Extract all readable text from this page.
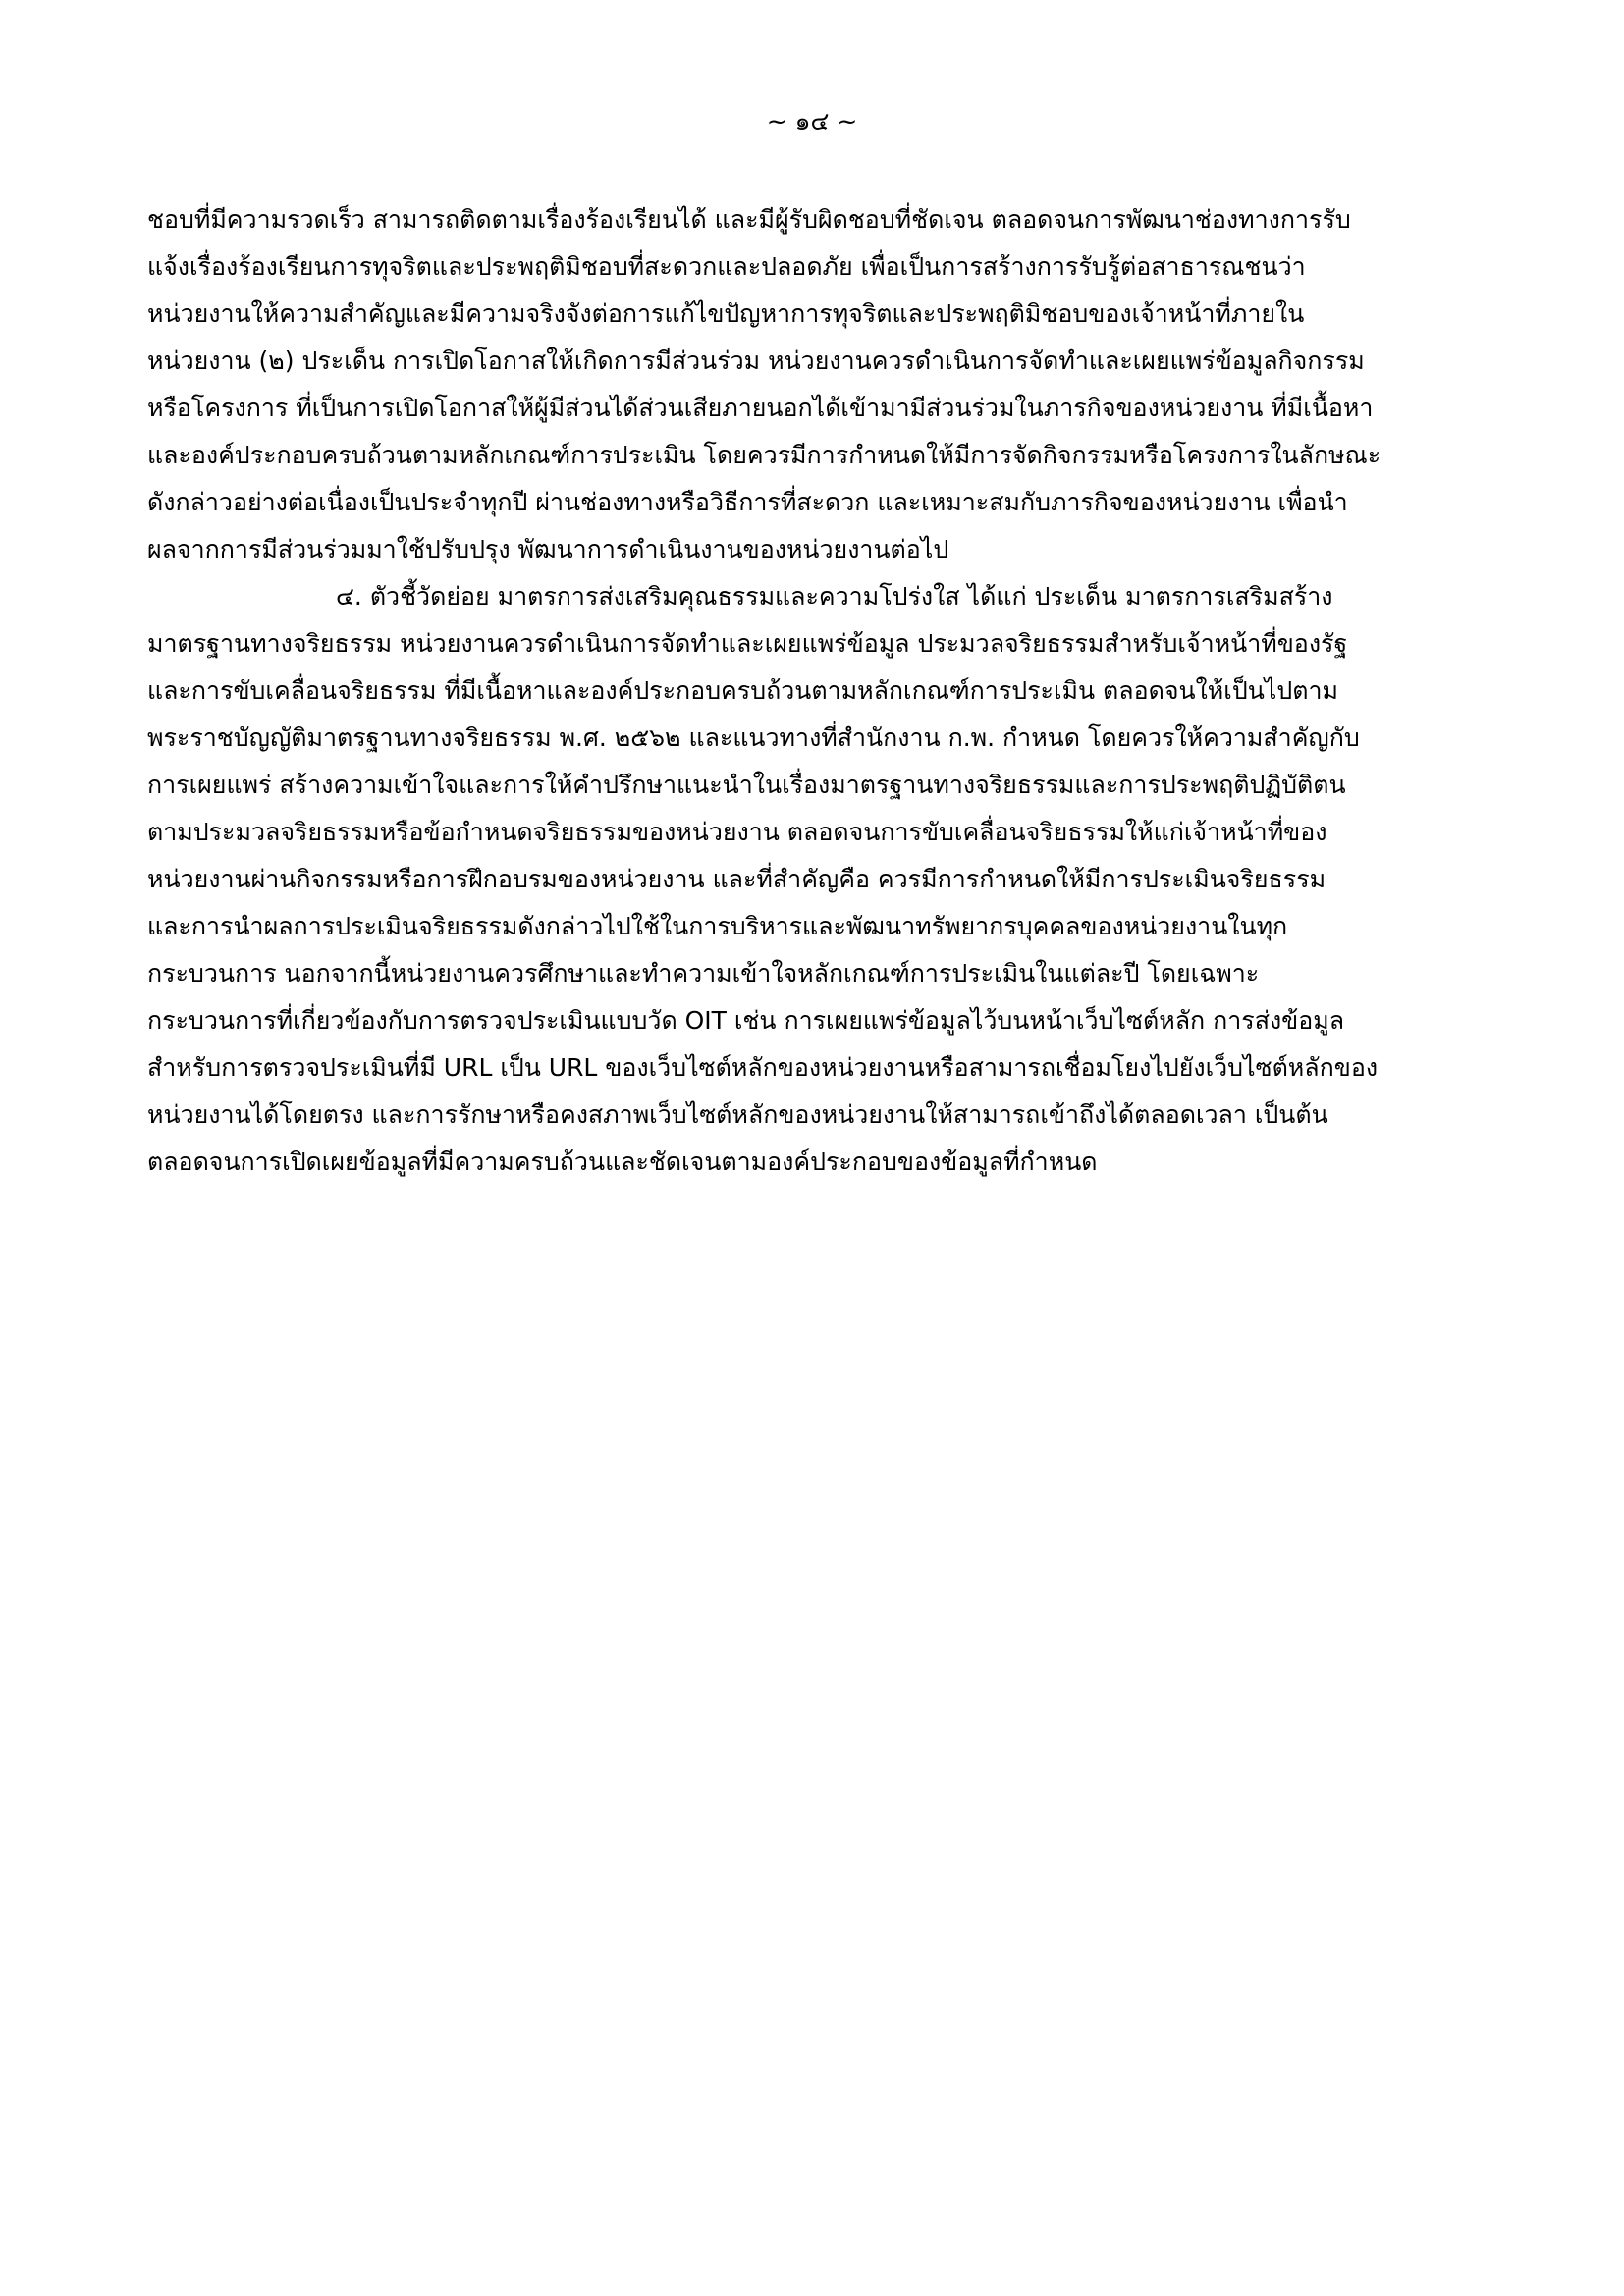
~ ๑๔ ~
ชอบที่มีความรวดเร็ว สามารถติดตามเรื่องร้องเรียนได้ และมีผู้รับผิดชอบที่ชัดเจน ตลอดจนการพัฒนาช่องทางการรับ
แจ้งเรื่องร้องเรียนการทุจริตและประพฤติมิชอบที่สะดวกและปลอดภัย เพื่อเป็นการสร้างการรับรู้ต่อสาธารณชนว่า
หน่วยงานให้ความสำคัญและมีความจริงจังต่อการแก้ไขปัญหาการทุจริตและประพฤติมิชอบของเจ้าหน้าที่ภายใน
หน่วยงาน (๒) ประเด็น การเปิดโอกาสให้เกิดการมีส่วนร่วม หน่วยงานควรดำเนินการจัดทำและเผยแพร่ข้อมูลกิจกรรม
หรือโครงการ ที่เป็นการเปิดโอกาสให้ผู้มีส่วนได้ส่วนเสียภายนอกได้เข้ามามีส่วนร่วมในภารกิจของหน่วยงาน ที่มีเนื้อหา
และองค์ประกอบครบถ้วนตามหลักเกณฑ์การประเมิน โดยควรมีการกำหนดให้มีการจัดกิจกรรมหรือโครงการในลักษณะ
ดังกล่าวอย่างต่อเนื่องเป็นประจำทุกปี ผ่านช่องทางหรือวิธีการที่สะดวก และเหมาะสมกับภารกิจของหน่วยงาน เพื่อนำ
ผลจากการมีส่วนร่วมมาใช้ปรับปรุง พัฒนาการดำเนินงานของหน่วยงานต่อไป
๔. ตัวชี้วัดย่อย มาตรการส่งเสริมคุณธรรมและความโปร่งใส ได้แก่ ประเด็น มาตรการเสริมสร้าง
มาตรฐานทางจริยธรรม หน่วยงานควรดำเนินการจัดทำและเผยแพร่ข้อมูล ประมวลจริยธรรมสำหรับเจ้าหน้าที่ของรัฐ
และการขับเคลื่อนจริยธรรม ที่มีเนื้อหาและองค์ประกอบครบถ้วนตามหลักเกณฑ์การประเมิน ตลอดจนให้เป็นไปตาม
พระราชบัญญัติมาตรฐานทางจริยธรรม พ.ศ. ๒๕๖๒ และแนวทางที่สำนักงาน ก.พ. กำหนด โดยควรให้ความสำคัญกับ
การเผยแพร่ สร้างความเข้าใจและการให้คำปรึกษาแนะนำในเรื่องมาตรฐานทางจริยธรรมและการประพฤติปฏิบัติตน
ตามประมวลจริยธรรมหรือข้อกำหนดจริยธรรมของหน่วยงาน ตลอดจนการขับเคลื่อนจริยธรรมให้แก่เจ้าหน้าที่ของ
หน่วยงานผ่านกิจกรรมหรือการฝึกอบรมของหน่วยงาน และที่สำคัญคือ ควรมีการกำหนดให้มีการประเมินจริยธรรม
และการนำผลการประเมินจริยธรรมดังกล่าวไปใช้ในการบริหารและพัฒนาทรัพยากรบุคคลของหน่วยงานในทุก
กระบวนการ นอกจากนี้หน่วยงานควรศึกษาและทำความเข้าใจหลักเกณฑ์การประเมินในแต่ละปี โดยเฉพาะ
กระบวนการที่เกี่ยวข้องกับการตรวจประเมินแบบวัด OIT เช่น การเผยแพร่ข้อมูลไว้บนหน้าเว็บไซต์หลัก การส่งข้อมูล
สำหรับการตรวจประเมินที่มี URL เป็น URL ของเว็บไซต์หลักของหน่วยงานหรือสามารถเชื่อมโยงไปยังเว็บไซต์หลักของ
หน่วยงานได้โดยตรง และการรักษาหรือคงสภาพเว็บไซต์หลักของหน่วยงานให้สามารถเข้าถึงได้ตลอดเวลา เป็นต้น
ตลอดจนการเปิดเผยข้อมูลที่มีความครบถ้วนและชัดเจนตามองค์ประกอบของข้อมูลที่กำหนด
